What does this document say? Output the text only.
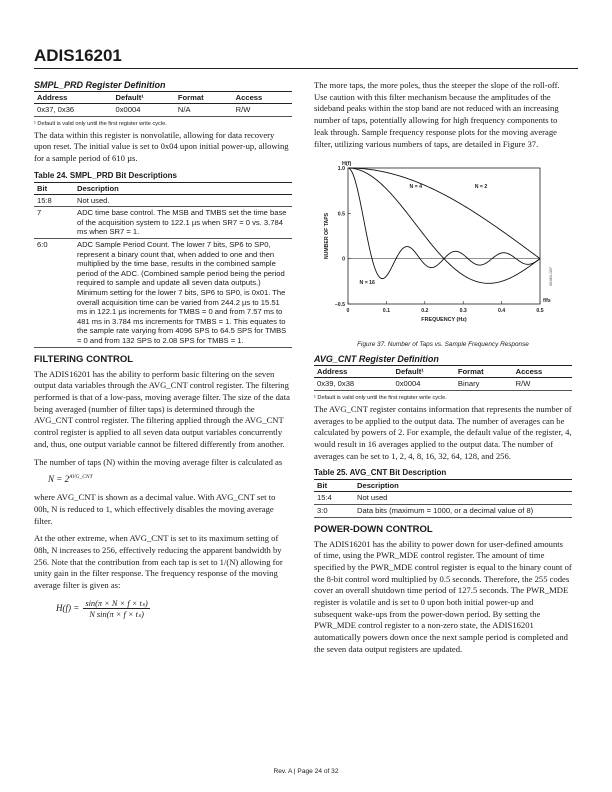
ADIS16201
SMPL_PRD Register Definition
Address	Default¹	Format	Access
0x37, 0x36	0x0004	N/A	R/W
¹ Default is valid only until the first register write cycle.

The data within this register is nonvolatile, allowing for data recovery upon reset. The initial value is set to 0x04 upon initial power-up, allowing for a sample period of 610 µs.

Table 24. SMPL_PRD Bit Descriptions
Bit	Description
15:8	Not used.
7	ADC time base control. The MSB and TMBS set the time base of the acquisition system to 122.1 µs when SR7 = 0 vs. 3.784 ms when SR7 = 1.
6:0	ADC Sample Period Count. The lower 7 bits, SP6 to SP0, represent a binary count that, when added to one and then multiplied by the time base, results in the combined sample period of the ADC. (Combined sample period being the period required to sample and update all seven data outputs.) Minimum setting for the lower 7 bits, SP6 to SP0, is 0x01. The overall acquisition time can be varied from 244.2 µs to 15.51 ms in 122.1 µs increments for TMBS = 0 and from 7.57 ms to 481 ms in 3.784 ms increments for TMBS = 1. This equates to the sample rate varying from 4096 SPS to 64.5 SPS for TMBS = 0 and from 132 SPS to 2.08 SPS for TMBS = 1.
FILTERING CONTROL

The ADIS16201 has the ability to perform basic filtering on the seven output data variables through the AVG_CNT control register. The filtering performed is that of a low-pass, moving average filter. The size of the data being averaged (number of filter taps) is determined through the AVG_CNT control register. The filtering applied through the AVG_CNT control register is applied to all seven data output variables concurrently and, thus, one output variable cannot be filtered differently from another.

The number of taps (N) within the moving average filter is calculated as

$N = 2^{AVG\_CNT}$

where AVG_CNT is shown as a decimal value. With AVG_CNT set to 00h, N is reduced to 1, which effectively disables the moving average filter.

At the other extreme, when AVG_CNT is set to its maximum setting of 08h, N increases to 256, effectively reducing the apparent bandwidth by 256. Note that the contribution from each tap is set to 1/(N) allowing for unity gain in the filter response. The frequency response of the moving average filter is given as:

$H(f) = \frac{\text{sin(π × N × f × tₛ)}}{\text{N sin(π × f × tₛ)}}$

The more taps, the more poles, thus the steeper the slope of the roll-off. Use caution with this filter mechanism because the amplitudes of the sideband peaks within the stop band are not reduced with an increasing number of taps, potentially allowing for high frequency components to leak through. Sample frequency response plots for the moving average filter, utilizing various numbers of taps, are detailed in Figure 37.

0	0.1	0.2	0.3	0.4	0.5
1.0
0.5
0
–0.5
H(f)
NUMBER OF TAPS
FREQUENCY (Hz)
f/fs
05461-037
N = 2
N = 4
N = 16
Figure 37. Number of Taps vs. Sample Frequency Response
AVG_CNT Register Definition
Address	Default¹	Format	Access
0x39, 0x38	0x0004	Binary	R/W
¹ Default is valid only until the first register write cycle.

The AVG_CNT register contains information that represents the number of averages to be applied to the output data. The number of averages can be calculated by powers of 2. For example, the default value of the register, 4, would result in 16 averages applied to the output data. The number of averages can be set to 1, 2, 4, 8, 16, 32, 64, 128, and 256.

Table 25. AVG_CNT Bit Description
Bit	Description
15:4	Not used
3:0	Data bits (maximum = 1000, or a decimal value of 8)
POWER-DOWN CONTROL

The ADIS16201 has the ability to power down for user-defined amounts of time, using the PWR_MDE control register. The amount of time specified by the PWR_MDE control register is equal to the binary count of the 8-bit control word multiplied by 0.5 seconds. Therefore, the 255 codes cover an overall shutdown time period of 127.5 seconds. The PWR_MDE register is volatile and is set to 0 upon both initial power-up and subsequent wake-ups from the power-down period. By setting the PWR_MDE control register to a non-zero state, the ADIS16201 automatically powers down once the next sample period is completed and the seven data output registers are updated.

Rev. A | Page 24 of 32
